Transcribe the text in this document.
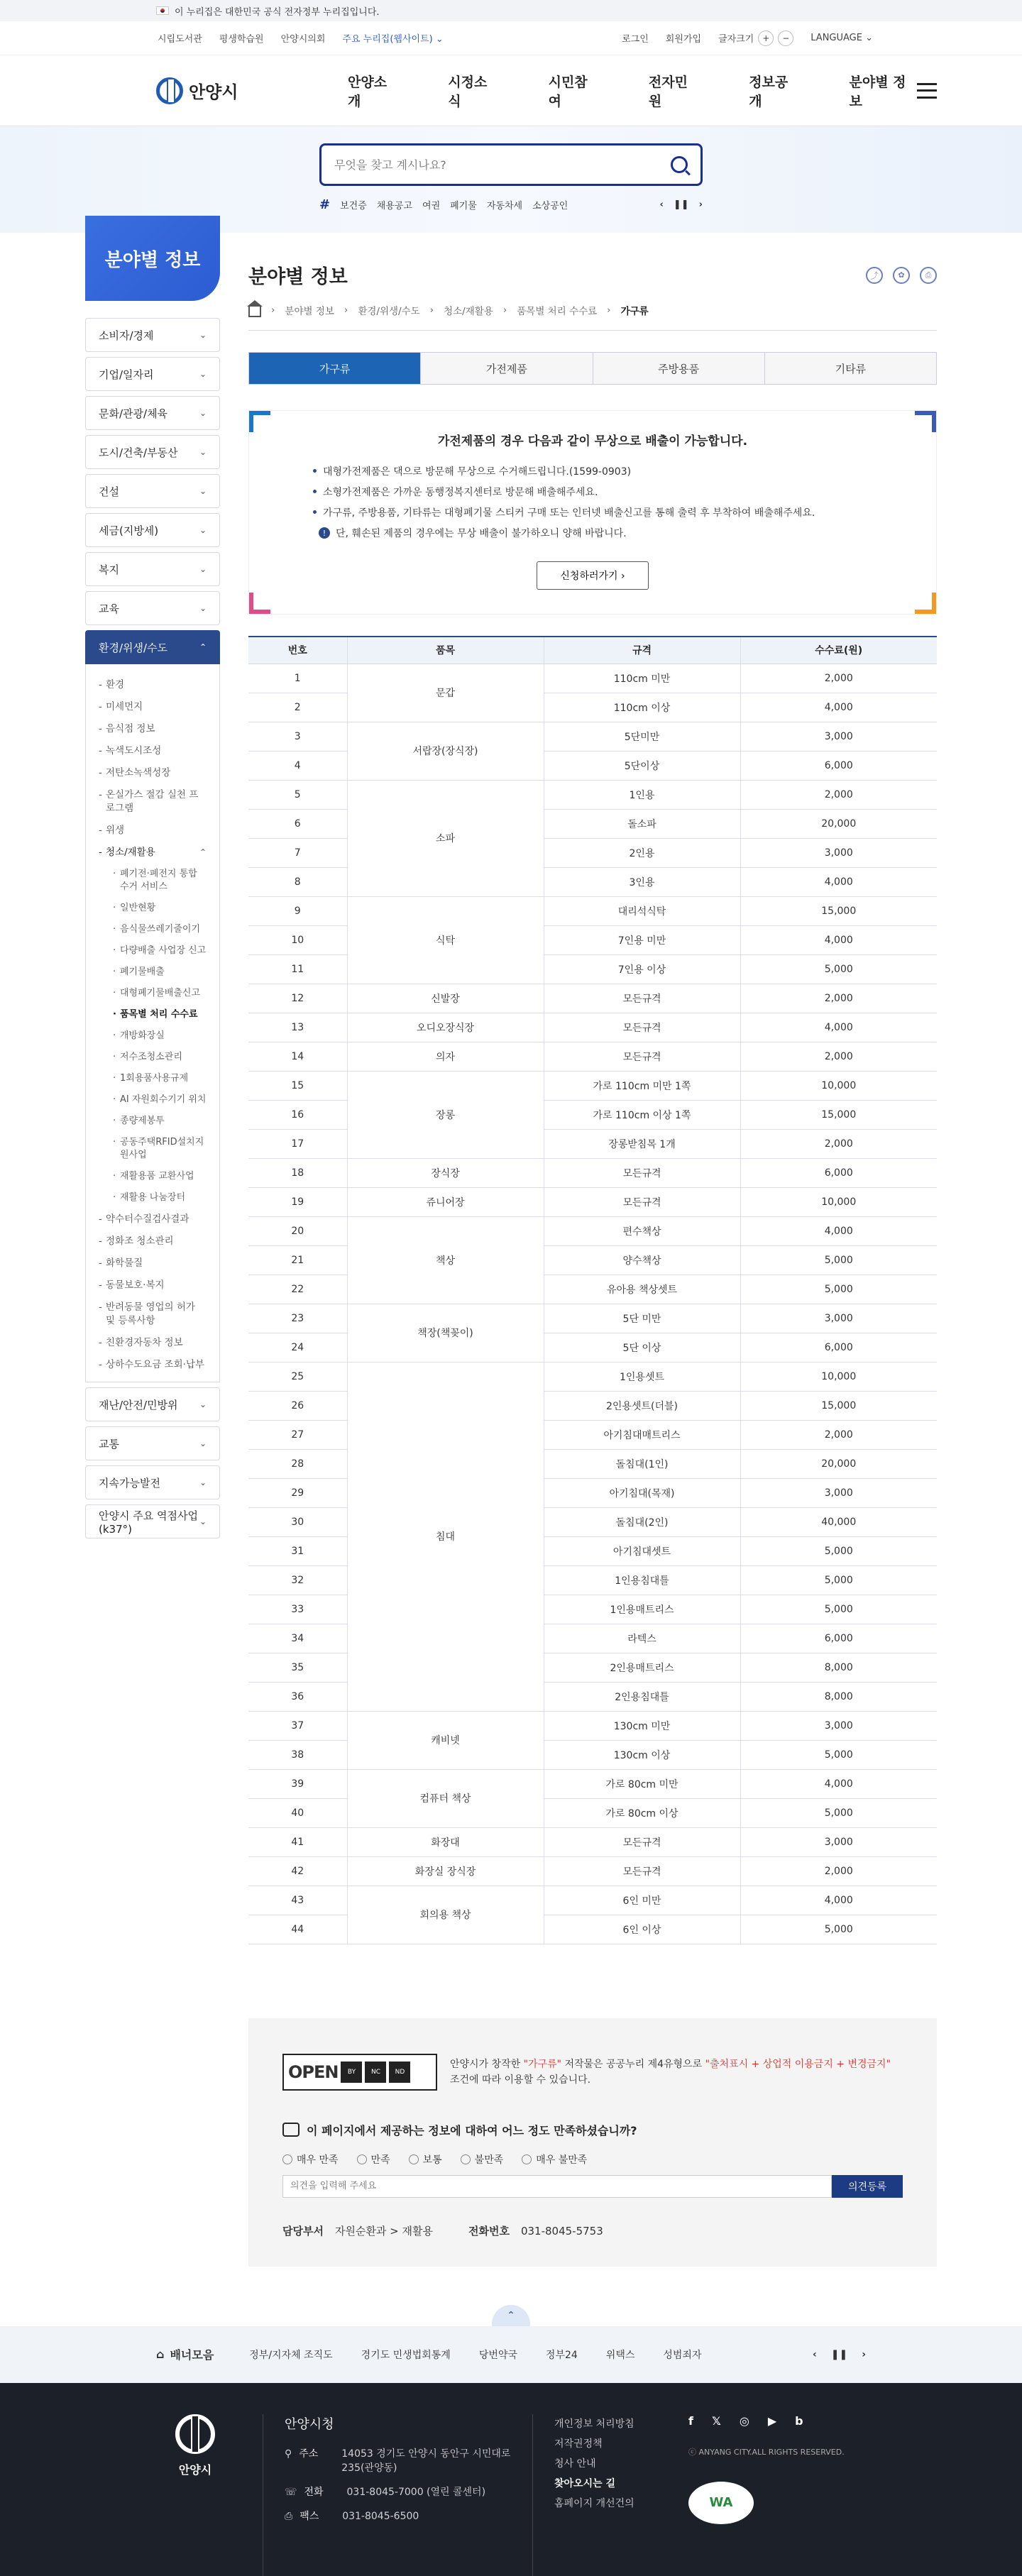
이 누리집은 대한민국 공식 전자정부 누리집입니다.
시립도서관 평생학습원 안양시의회 주요 누리집(웹사이트) ⌄	로그인 회원가입 글자크기 +	−	LANGUAGE ⌄
안양시
안양소개
시정소식
시민참여
전자민원
정보공개
분야별 정보
무엇을 찾고 계시나요?
# 보건증 채용공고 여권 폐기물 자동차세 소상공인	‹ ❚❚ ›
분야별 정보
소비자/경제	⌄
기업/일자리	⌄
문화/관광/체육	⌄
도시/건축/부동산	⌄
건설	⌄
세금(지방세)	⌄
복지	⌄
교육	⌄
환경/위생/수도	⌃
- 환경
- 미세먼지
- 음식점 정보
- 녹색도시조성
- 저탄소녹색성장
- 온실가스 절감 실천 프로그램
- 위생
- 청소/재활용	⌃
· 폐기전·폐전지 통합 수거 서비스
· 일반현황
· 음식물쓰레기줄이기
· 다량배출 사업장 신고
· 폐기물배출
· 대형폐기물배출신고
· 품목별 처리 수수료
· 개방화장실
· 저수조청소관리
· 1회용품사용규제
· AI 자원회수기기 위치
· 종량제봉투
· 공동주택RFID설치지원사업
· 재활용품 교환사업
· 재활용 나눔장터
- 약수터수질검사결과
- 정화조 청소관리
- 화학물질
- 동물보호·복지
- 반려동물 영업의 허가 및 등록사항
- 친환경자동차 정보
- 상하수도요금 조회·납부
재난/안전/민방위	⌄
교통	⌄
지속가능발전	⌄
안양시 주요 역점사업(k37°)
⌄
분야별 정보	⤴	✿	⎙
› 분야별 정보 › 환경/위생/수도 › 청소/재활용 › 품목별 처리 수수료 › 가구류
가구류	가전제품	주방용품	기타류
가전제품의 경우 다음과 같이 무상으로 배출이 가능합니다.
대형가전제품은 댁으로 방문해 무상으로 수거해드립니다.(1599-0903)
소형가전제품은 가까운 동행정복지센터로 방문해 배출해주세요.
가구류, 주방용품, 기타류는 대형폐기물 스티커 구매 또는 인터넷 배출신고를 통해 출력 후 부착하여 배출해주세요.
! 단, 훼손된 제품의 경우에는 무상 배출이 불가하오니 양해 바랍니다.
신청하러가기 ›
번호	품목	규격	수수료(원)
1	문갑	110cm 미만	2,000
2		110cm 이상	4,000
3	서랍장(장식장)	5단미만	3,000
4		5단이상	6,000
5	소파	1인용	2,000
6		돌소파	20,000
7		2인용	3,000
8		3인용	4,000
9	식탁	대리석식탁	15,000
10		7인용 미만	4,000
11		7인용 이상	5,000
12	신발장	모든규격	2,000
13	오디오장식장	모든규격	4,000
14	의자	모든규격	2,000
15	장롱	가로 110cm 미만 1쪽	10,000
16		가로 110cm 이상 1쪽	15,000
17		장롱받침목 1개	2,000
18	장식장	모든규격	6,000
19	쥬니어장	모든규격	10,000
20	책상	편수책상	4,000
21		양수책상	5,000
22		유아용 책상셋트	5,000
23	책장(책꽂이)	5단 미만	3,000
24		5단 이상	6,000
25	침대	1인용셋트	10,000
26		2인용셋트(더블)	15,000
27		아기침대매트리스	2,000
28		돌침대(1인)	20,000
29		아기침대(목재)	3,000
30		돌침대(2인)	40,000
31		아기침대셋트	5,000
32		1인용침대틀	5,000
33		1인용매트리스	5,000
34		라텍스	6,000
35		2인용매트리스	8,000
36		2인용침대틀	8,000
37	캐비넷	130cm 미만	3,000
38		130cm 이상	5,000
39	컴퓨터 책상	가로 80cm 미만	4,000
40		가로 80cm 이상	5,000
41	화장대	모든규격	3,000
42	화장실 장식장	모든규격	2,000
43	회의용 책상	6인 미만	4,000
44		6인 이상	5,000
OPEN	BY	NC	ND

안양시가 창작한 "가구류" 저작물은 공공누리 제4유형으로 "출처표시 + 상업적 이용금지 + 변경금지" 조건에 따라 이용할 수 있습니다.

이 페이지에서 제공하는 정보에 대하여 어느 정도 만족하셨습니까?
매우 만족	만족	보통	불만족	매우 불만족
의견을 입력해 주세요
의견등록
담당부서 자원순환과 > 재활용	전화번호 031-8045-5753
⌃
⌂ 배너모음	정부/지자체 조직도	경기도 민생법회통계	당번약국	정부24	위택스	성범죄자	‹ ❚❚ ›
안양시
안양시청
⚲ 주소	14053 경기도 안양시 동안구 시민대로 235(관양동)
☏ 전화	031-8045-7000 (열린 콜센터)
⎙ 팩스	031-8045-6500
개인정보 처리방침
저작권정책
청사 안내
찾아오시는 길
홈페이지 개선건의
f 𝕏 ◎ ▶ b
ⓒ ANYANG CITY.ALL RIGHTS RESERVED.
WA
